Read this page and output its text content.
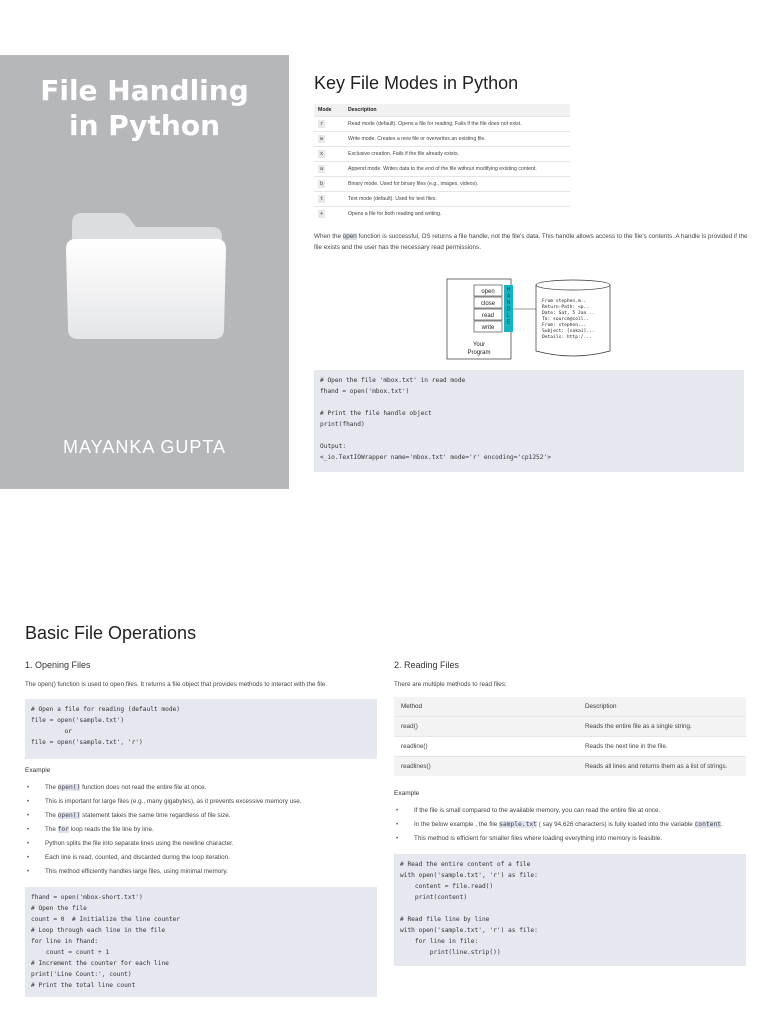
File Handling
in Python
MAYANKA GUPTA
Key File Modes in Python
Mode	Description
r	Read mode (default). Opens a file for reading. Fails if the file does not exist.
w	Write mode. Creates a new file or overwrites an existing file.
x	Exclusive creation. Fails if the file already exists.
a	Append mode. Writes data to the end of the file without modifying existing content.
b	Binary mode. Used for binary files (e.g., images, videos).
t	Text mode (default). Used for text files.
+	Opens a file for both reading and writing.
When the open function is successful, OS returns a file handle, not the file's data. This handle allows access to the file's contents. A handle is provided if the file exists and the user has the necessary read permissions.
open
close
read
write
H A N D L E
Your
Program
From stephen.m..
Return-Path: <p..
Date: Sat, 5 Jan ..
To: source@coll..
From: stephen...
Subject: [sakai]...
Details: http:/...
# Open the file 'mbox.txt' in read mode
fhand = open('mbox.txt')

# Print the file handle object
print(fhand)

Output:
<_io.TextIOWrapper name='mbox.txt' mode='r' encoding='cp1252'>
Basic File Operations
1. Opening Files
The open() function is used to open files. It returns a file object that provides methods to interact with the file.
# Open a file for reading (default mode)
file = open('sample.txt')
or
file = open('sample.txt', 'r')
Example
• The open() function does not read the entire file at once.
• This is important for large files (e.g., many gigabytes), as it prevents excessive memory use.
• The open() statement takes the same time regardless of file size.
• The for loop reads the file line by line.
• Python splits the file into separate lines using the newline character.
• Each line is read, counted, and discarded during the loop iteration.
• This method efficiently handles large files, using minimal memory.
fhand = open('mbox-short.txt')
# Open the file
count = 0  # Initialize the line counter
# Loop through each line in the file
for line in fhand:
count = count + 1
# Increment the counter for each line
print('Line Count:', count)
# Print the total line count
2. Reading Files
There are multiple methods to read files:
Method	Description
read()	Reads the entire file as a single string.
readline()	Reads the next line in the file.
readlines()	Reads all lines and returns them as a list of strings.
Example
• If the file is small compared to the available memory, you can read the entire file at once.
• In the below example , the file sample.txt ( say 94,626 characters) is fully loaded into the variable content.
• This method is efficient for smaller files where loading everything into memory is feasible.
# Read the entire content of a file
with open('sample.txt', 'r') as file:
content = file.read()
print(content)

# Read file line by line
with open('sample.txt', 'r') as file:
for line in file:
print(line.strip())
